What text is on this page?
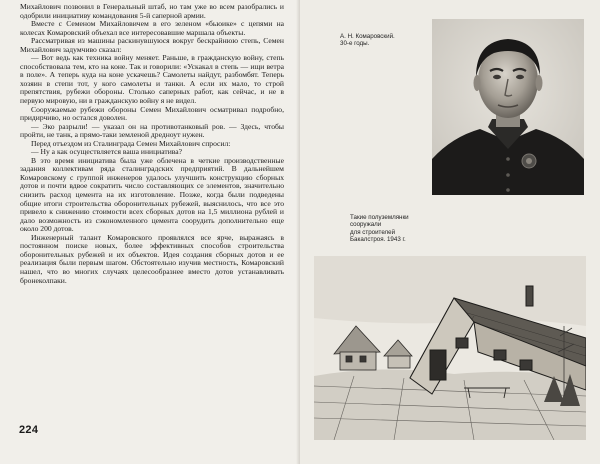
Михайлович позвонил в Генеральный штаб, но там уже во всем разобрались и одобрили инициативу командования 5-й саперной армии.

Вместе с Семеном Михайловичем в его зеленом «бьюике» с цепями на колесах Комаровский объехал все интересовавшие маршала объекты.

Рассматривая из машины раскинувшуюся вокруг бескрайнюю степь, Семен Михайлович задумчиво сказал:

— Вот ведь как техника войну меняет. Раньше, в гражданскую войну, степь способствовала тем, кто на коне. Так и говорили: «Ускакал в степь — ищи ветра в поле». А теперь куда на коне ускачешь? Самолеты найдут, разбомбят. Теперь хозяин в степи тот, у кого самолеты и танки. А если их мало, то строй препятствия, рубежи обороны. Столько саперных работ, как сейчас, и не в первую мировую, ни в гражданскую войну я не видел.

Сооружаемые рубежи обороны Семен Михайлович осматривал подробно, придирчиво, но остался доволен.

— Эко разрыли! — указал он на противотанковый ров. — Здесь, чтобы пройти, не танк, а прямо-таки земленой дредноут нужен.

Перед отъездом из Сталинграда Семен Михайлович спросил:

— Ну а как осуществляется ваша инициатива?

В это время инициатива была уже облечена в четкие производственные задания коллективам ряда сталинградских предприятий. В дальнейшем Комаровскому с группой инженеров удалось улучшить конструкцию сборных дотов и почти вдвое сократить число составляющих се элементов, значительно снизить расход цемента на их изготовление. Позже, когда были подведены общие итоги строительства оборонительных рубежей, выяснилось, что все это привело к снижению стоимости всех сборных дотов на 1,5 миллиона рублей и дало возможность из сэкономленного цемента соорудить дополнительно еще около 200 дотов.

Инженерный талант Комаровского проявлялся все ярче, выражаясь в постоянном поиске новых, более эффективных способов строительства оборонительных рубежей и их объектов. Идея создания сборных дотов и ее реализация были первым шагом. Обстоятельно изучив местность, Комаровский нашел, что во многих случаях целесообразнее вместо дотов устанавливать бронеколпаки.

224
А. Н. Комаровский.
30-е годы.
Такие полуземлянки
сооружали
для строителей
Бакалстроя. 1943 г.
